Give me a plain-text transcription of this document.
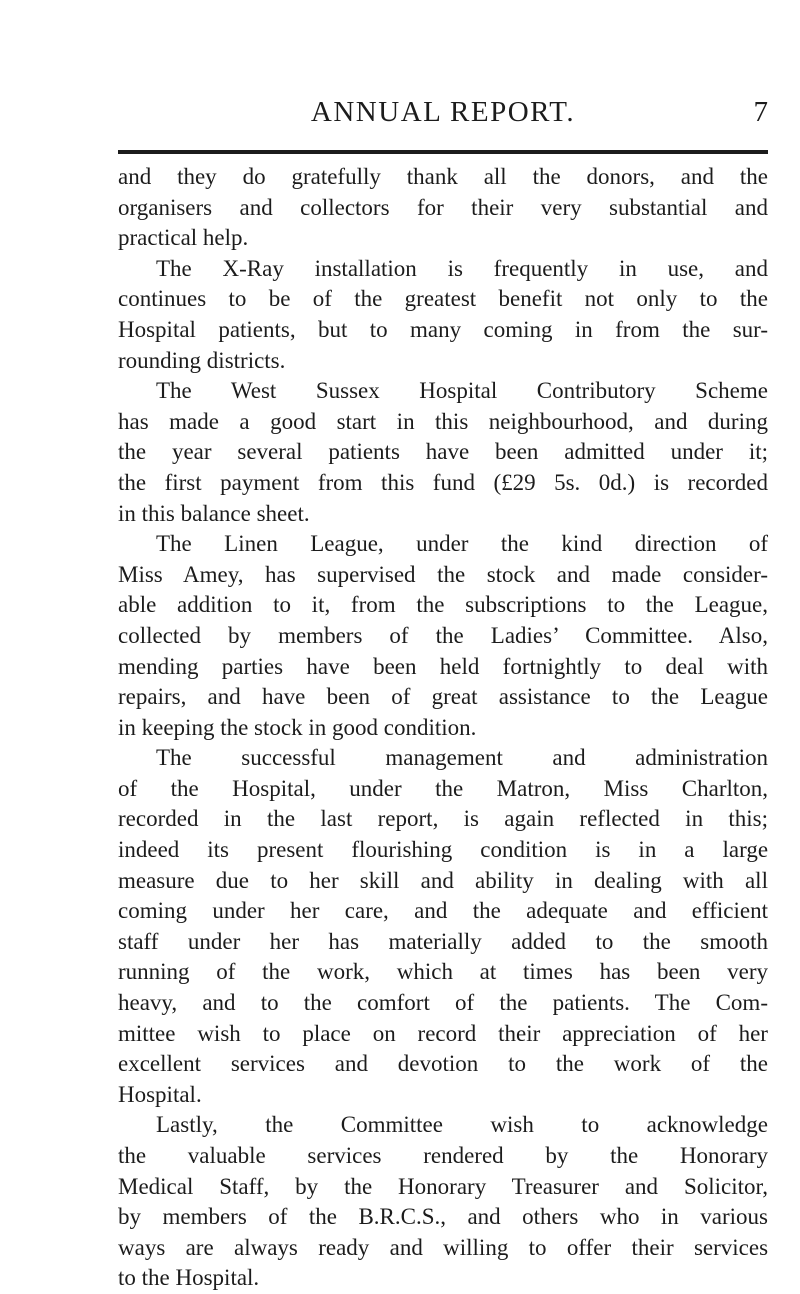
ANNUAL REPORT.	7

and they do gratefully thank all the donors, and the
organisers and collectors for their very substantial and
practical help.

The X-Ray installation is frequently in use, and
continues to be of the greatest benefit not only to the
Hospital patients, but to many coming in from the sur-
rounding districts.

The West Sussex Hospital Contributory Scheme
has made a good start in this neighbourhood, and during
the year several patients have been admitted under it;
the first payment from this fund (£29 5s. 0d.) is recorded
in this balance sheet.

The Linen League, under the kind direction of
Miss Amey, has supervised the stock and made consider-
able addition to it, from the subscriptions to the League,
collected by members of the Ladies’ Committee. Also,
mending parties have been held fortnightly to deal with
repairs, and have been of great assistance to the League
in keeping the stock in good condition.

The successful management and administration
of the Hospital, under the Matron, Miss Charlton,
recorded in the last report, is again reflected in this;
indeed its present flourishing condition is in a large
measure due to her skill and ability in dealing with all
coming under her care, and the adequate and efficient
staff under her has materially added to the smooth
running of the work, which at times has been very
heavy, and to the comfort of the patients. The Com-
mittee wish to place on record their appreciation of her
excellent services and devotion to the work of the
Hospital.

Lastly, the Committee wish to acknowledge
the valuable services rendered by the Honorary
Medical Staff, by the Honorary Treasurer and Solicitor,
by members of the B.R.C.S., and others who in various
ways are always ready and willing to offer their services
to the Hospital.
